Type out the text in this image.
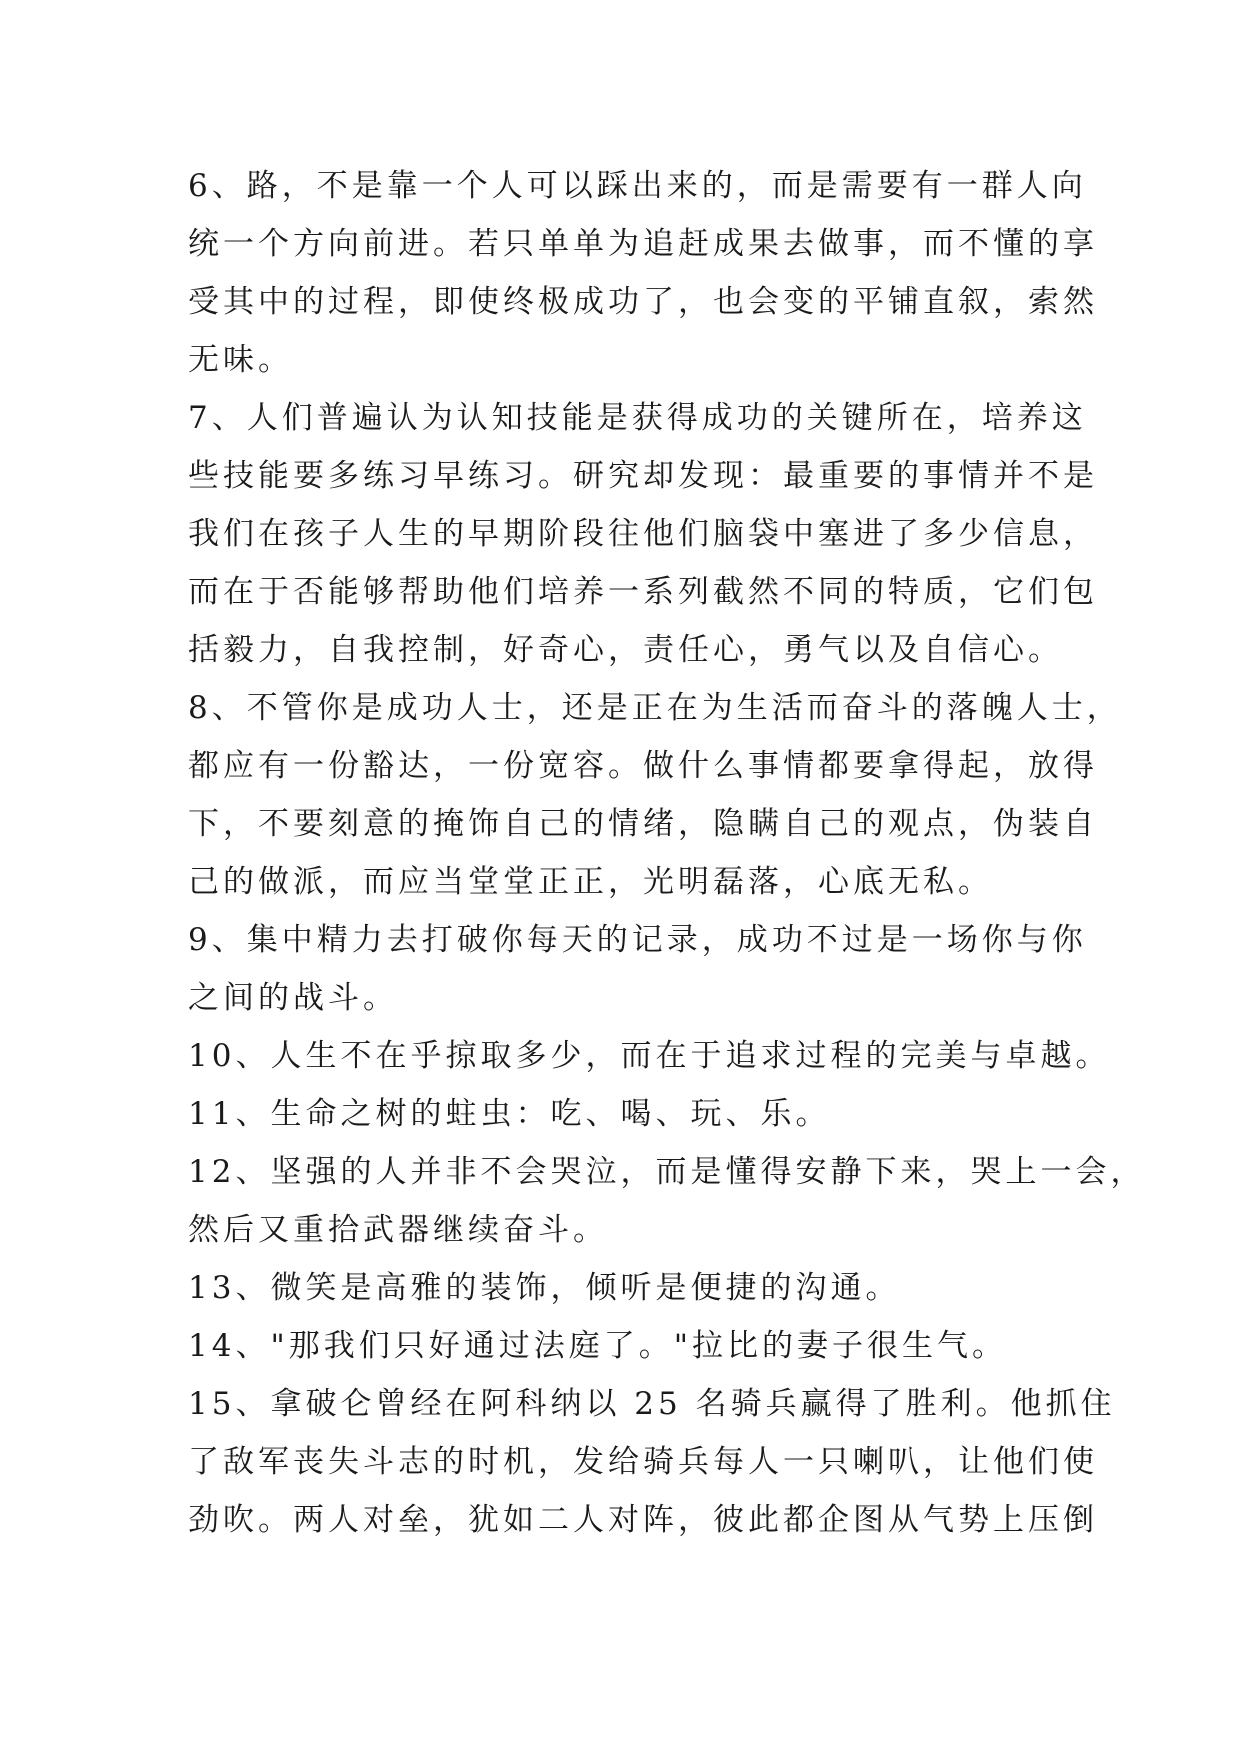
6、路，不是靠一个人可以踩出来的，而是需要有一群人向
统一个方向前进。若只单单为追赶成果去做事，而不懂的享
受其中的过程，即使终极成功了，也会变的平铺直叙，索然
无味。
7、人们普遍认为认知技能是获得成功的关键所在，培养这
些技能要多练习早练习。研究却发现：最重要的事情并不是
我们在孩子人生的早期阶段往他们脑袋中塞进了多少信息，
而在于否能够帮助他们培养一系列截然不同的特质，它们包
括毅力，自我控制，好奇心，责任心，勇气以及自信心。
8、不管你是成功人士，还是正在为生活而奋斗的落魄人士，
都应有一份豁达，一份宽容。做什么事情都要拿得起，放得
下，不要刻意的掩饰自己的情绪，隐瞒自己的观点，伪装自
己的做派，而应当堂堂正正，光明磊落，心底无私。
9、集中精力去打破你每天的记录，成功不过是一场你与你
之间的战斗。
10、人生不在乎掠取多少，而在于追求过程的完美与卓越。
11、生命之树的蛀虫：吃、喝、玩、乐。
12、坚强的人并非不会哭泣，而是懂得安静下来，哭上一会，
然后又重拾武器继续奋斗。
13、微笑是高雅的装饰，倾听是便捷的沟通。
14、"那我们只好通过法庭了。"拉比的妻子很生气。
15、拿破仑曾经在阿科纳以 25 名骑兵赢得了胜利。他抓住
了敌军丧失斗志的时机，发给骑兵每人一只喇叭，让他们使
劲吹。两人对垒，犹如二人对阵，彼此都企图从气势上压倒
